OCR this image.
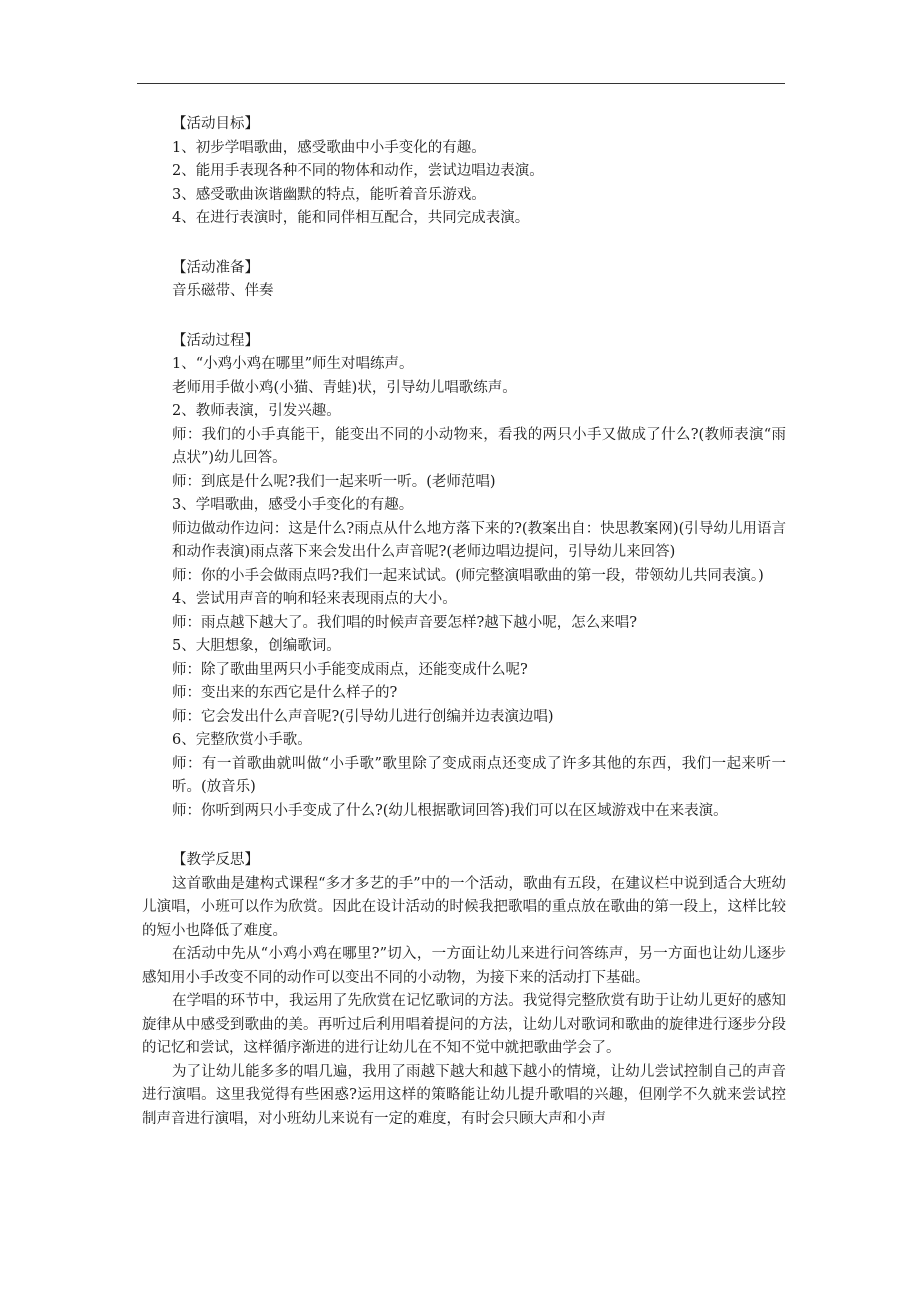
【活动目标】

1、初步学唱歌曲，感受歌曲中小手变化的有趣。

2、能用手表现各种不同的物体和动作，尝试边唱边表演。

3、感受歌曲诙谐幽默的特点，能听着音乐游戏。

4、在进行表演时，能和同伴相互配合，共同完成表演。

【活动准备】

音乐磁带、伴奏

【活动过程】

1、“小鸡小鸡在哪里”师生对唱练声。

老师用手做小鸡(小猫、青蛙)状，引导幼儿唱歌练声。

2、教师表演，引发兴趣。

师：我们的小手真能干，能变出不同的小动物来，看我的两只小手又做成了什么?(教师表演“雨点状”)幼儿回答。

师：到底是什么呢?我们一起来听一听。(老师范唱)

3、学唱歌曲，感受小手变化的有趣。

师边做动作边问：这是什么?雨点从什么地方落下来的?(教案出自：快思教案网)(引导幼儿用语言和动作表演)雨点落下来会发出什么声音呢?(老师边唱边提问，引导幼儿来回答)

师：你的小手会做雨点吗?我们一起来试试。(师完整演唱歌曲的第一段，带领幼儿共同表演。)

4、尝试用声音的响和轻来表现雨点的大小。

师：雨点越下越大了。我们唱的时候声音要怎样?越下越小呢，怎么来唱?

5、大胆想象，创编歌词。

师：除了歌曲里两只小手能变成雨点，还能变成什么呢?

师：变出来的东西它是什么样子的?

师：它会发出什么声音呢?(引导幼儿进行创编并边表演边唱)

6、完整欣赏小手歌。

师：有一首歌曲就叫做“小手歌”歌里除了变成雨点还变成了许多其他的东西，我们一起来听一听。(放音乐)

师：你听到两只小手变成了什么?(幼儿根据歌词回答)我们可以在区域游戏中在来表演。

【教学反思】

这首歌曲是建构式课程“多才多艺的手”中的一个活动，歌曲有五段，在建议栏中说到适合大班幼儿演唱，小班可以作为欣赏。因此在设计活动的时候我把歌唱的重点放在歌曲的第一段上，这样比较的短小也降低了难度。

在活动中先从“小鸡小鸡在哪里?”切入，一方面让幼儿来进行问答练声，另一方面也让幼儿逐步感知用小手改变不同的动作可以变出不同的小动物，为接下来的活动打下基础。

在学唱的环节中，我运用了先欣赏在记忆歌词的方法。我觉得完整欣赏有助于让幼儿更好的感知旋律从中感受到歌曲的美。再听过后利用唱着提问的方法，让幼儿对歌词和歌曲的旋律进行逐步分段的记忆和尝试，这样循序渐进的进行让幼儿在不知不觉中就把歌曲学会了。

为了让幼儿能多多的唱几遍，我用了雨越下越大和越下越小的情境，让幼儿尝试控制自己的声音进行演唱。这里我觉得有些困惑?运用这样的策略能让幼儿提升歌唱的兴趣，但刚学不久就来尝试控制声音进行演唱，对小班幼儿来说有一定的难度，有时会只顾大声和小声
